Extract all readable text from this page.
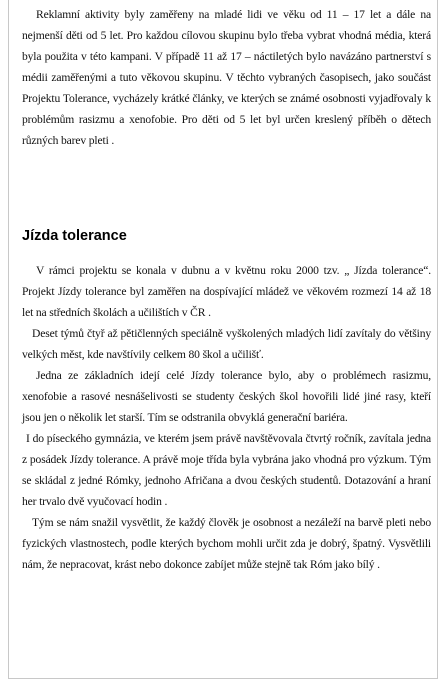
Reklamní aktivity byly zaměřeny na mladé lidi ve věku od 11 – 17 let a dále na nejmenší děti od 5 let. Pro každou cílovou skupinu bylo třeba vybrat vhodná média, která byla použita v této kampani. V případě 11 až 17 – náctiletých bylo navázáno partnerství s médii zaměřenými a tuto věkovou skupinu. V těchto vybraných časopisech, jako součást Projektu Tolerance, vycházely krátké články, ve kterých se známé osobnosti vyjadřovaly k problémům rasizmu a xenofobie. Pro děti od 5 let byl určen kreslený příběh o dětech různých barev pleti .

Jízda tolerance

V rámci projektu se konala v dubnu a v květnu roku 2000 tzv. „ Jízda tolerance“. Projekt Jízdy tolerance byl zaměřen na dospívající mládež ve věkovém rozmezí 14 až 18 let na středních školách a učilištích v ČR .

Deset týmů čtyř až pětičlenných speciálně vyškolených mladých lidí zavítaly do většiny velkých měst, kde navštívily celkem 80 škol a učilišť.

Jedna ze základních idejí celé Jízdy tolerance bylo, aby o problémech rasizmu, xenofobie a rasové nesnášelivosti se studenty českých škol hovořili lidé jiné rasy, kteří jsou jen o několik let starší. Tím se odstranila obvyklá generační bariéra.

I do píseckého gymnázia, ve kterém jsem právě navštěvovala čtvrtý ročník, zavítala jedna z posádek Jízdy tolerance. A právě moje třída byla vybrána jako vhodná pro výzkum. Tým se skládal z jedné Rómky, jednoho Afričana a dvou českých studentů. Dotazování a hraní her trvalo dvě vyučovací hodin .

Tým se nám snažil vysvětlit, že každý člověk je osobnost a nezáleží na barvě pleti nebo fyzických vlastnostech, podle kterých bychom mohli určit zda je dobrý, špatný. Vysvětlili nám, že nepracovat, krást nebo dokonce zabíjet může stejně tak Róm jako bílý .
